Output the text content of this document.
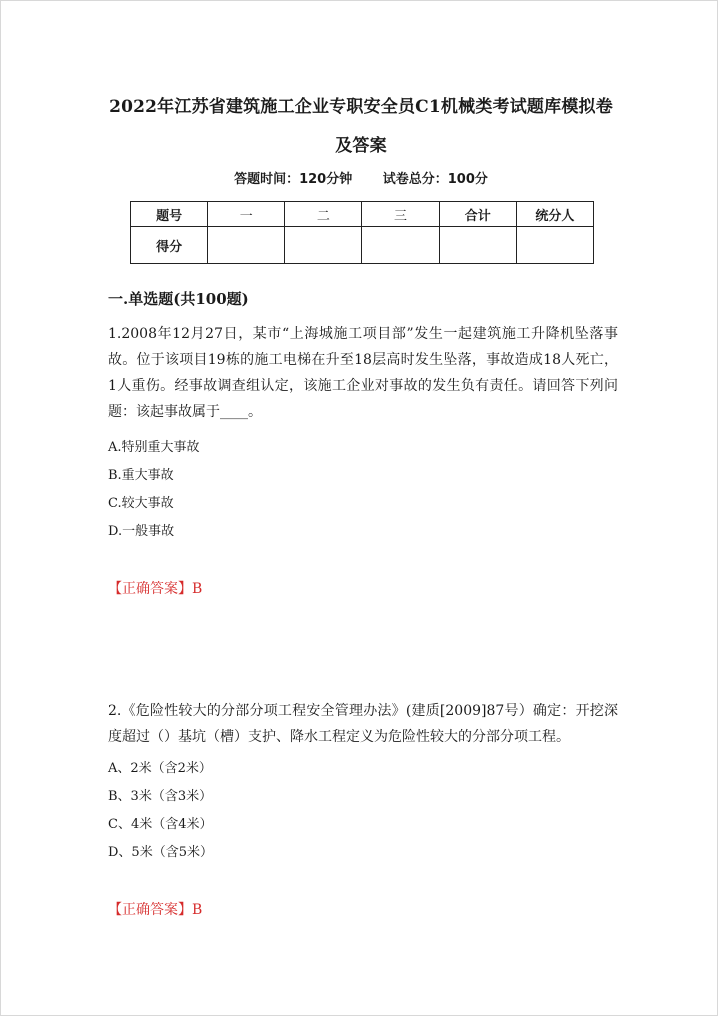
2022年江苏省建筑施工企业专职安全员C1机械类考试题库模拟卷
及答案
答题时间：120分钟 试卷总分：100分
题号	一	二	三	合计	统分人
得分					
一.单选题(共100题)
1.2008年12月27日，某市“上海城施工项目部”发生一起建筑施工升降机坠落事故。位于该项目19栋的施工电梯在升至18层高时发生坠落，事故造成18人死亡，1人重伤。经事故调查组认定，该施工企业对事故的发生负有责任。请回答下列问题：该起事故属于____。
A.特别重大事故
B.重大事故
C.较大事故
D.一般事故
【正确答案】B
2.《危险性较大的分部分项工程安全管理办法》(建质[2009]87号）确定：开挖深度超过（）基坑（槽）支护、降水工程定义为危险性较大的分部分项工程。
A、2米（含2米）
B、3米（含3米）
C、4米（含4米）
D、5米（含5米）
【正确答案】B
